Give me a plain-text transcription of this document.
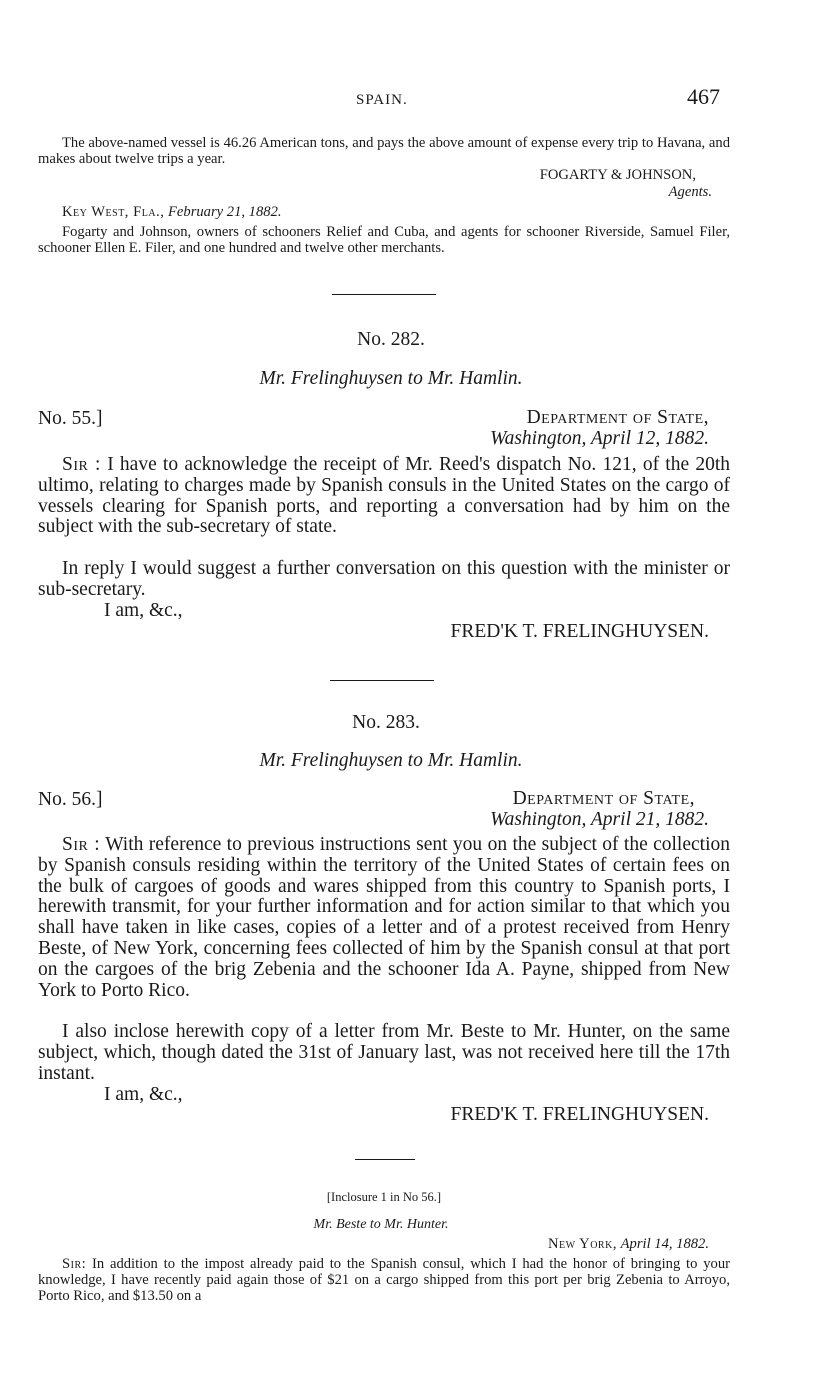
SPAIN.	467
The above-named vessel is 46.26 American tons, and pays the above amount of expense every trip to Havana, and makes about twelve trips a year.
FOGARTY & JOHNSON,
Agents.
Key West, Fla., February 21, 1882.
Fogarty and Johnson, owners of schooners Relief and Cuba, and agents for schooner Riverside, Samuel Filer, schooner Ellen E. Filer, and one hundred and twelve other merchants.
No. 282.
Mr. Frelinghuysen to Mr. Hamlin.
No. 55.]	Department of State,
Washington, April 12, 1882.
Sir : I have to acknowledge the receipt of Mr. Reed's dispatch No. 121, of the 20th ultimo, relating to charges made by Spanish consuls in the United States on the cargo of vessels clearing for Spanish ports, and reporting a conversation had by him on the subject with the sub-secretary of state.
In reply I would suggest a further conversation on this question with the minister or sub-secretary.
I am, &c.,
FRED'K T. FRELINGHUYSEN.
No. 283.
Mr. Frelinghuysen to Mr. Hamlin.
No. 56.]	Department of State,
Washington, April 21, 1882.
Sir : With reference to previous instructions sent you on the subject of the collection by Spanish consuls residing within the territory of the United States of certain fees on the bulk of cargoes of goods and wares shipped from this country to Spanish ports, I herewith transmit, for your further information and for action similar to that which you shall have taken in like cases, copies of a letter and of a protest received from Henry Beste, of New York, concerning fees collected of him by the Spanish consul at that port on the cargoes of the brig Zebenia and the schooner Ida A. Payne, shipped from New York to Porto Rico.
I also inclose herewith copy of a letter from Mr. Beste to Mr. Hunter, on the same subject, which, though dated the 31st of January last, was not received here till the 17th instant.
I am, &c.,
FRED'K T. FRELINGHUYSEN.
[Inclosure 1 in No 56.]
Mr. Beste to Mr. Hunter.
New York, April 14, 1882.
Sir: In addition to the impost already paid to the Spanish consul, which I had the honor of bringing to your knowledge, I have recently paid again those of $21 on a cargo shipped from this port per brig Zebenia to Arroyo, Porto Rico, and $13.50 on a
